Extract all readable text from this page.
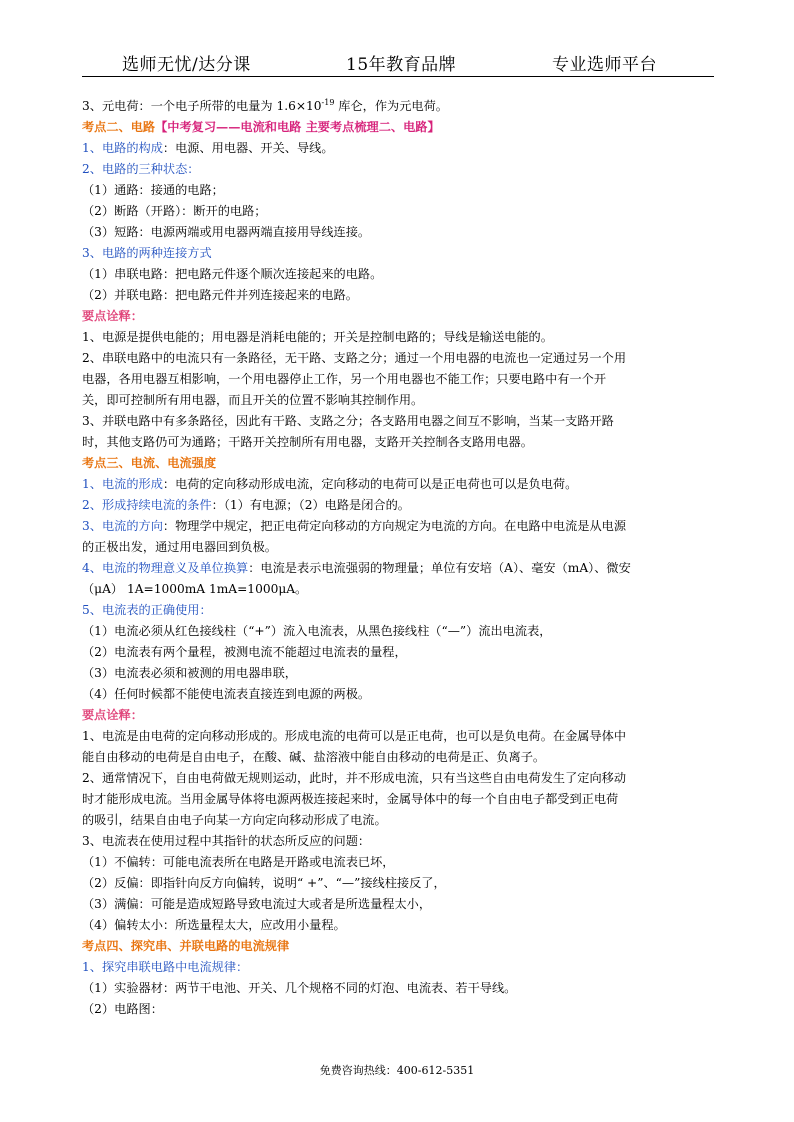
选师无忧/达分课	15年教育品牌	专业选师平台
3、元电荷：一个电子所带的电量为 $1.6\times 10^{-19}$ 库仑，作为元电荷。
考点二、电路【中考复习——电流和电路 主要考点梳理二、电路】
1、电路的构成：电源、用电器、开关、导线。
2、电路的三种状态：
（1）通路：接通的电路；
（2）断路（开路）：断开的电路；
（3）短路：电源两端或用电器两端直接用导线连接。
3、电路的两种连接方式
（1）串联电路：把电路元件逐个顺次连接起来的电路。
（2）并联电路：把电路元件并列连接起来的电路。
要点诠释：
1、电源是提供电能的；用电器是消耗电能的；开关是控制电路的；导线是输送电能的。
2、串联电路中的电流只有一条路径，无干路、支路之分；通过一个用电器的电流也一定通过另一个用
电器，各用电器互相影响，一个用电器停止工作，另一个用电器也不能工作；只要电路中有一个开
关，即可控制所有用电器，而且开关的位置不影响其控制作用。
3、并联电路中有多条路径，因此有干路、支路之分；各支路用电器之间互不影响，当某一支路开路
时，其他支路仍可为通路；干路开关控制所有用电器，支路开关控制各支路用电器。
考点三、电流、电流强度
1、电流的形成：电荷的定向移动形成电流，定向移动的电荷可以是正电荷也可以是负电荷。
2、形成持续电流的条件：（1）有电源；（2）电路是闭合的。
3、电流的方向：物理学中规定，把正电荷定向移动的方向规定为电流的方向。在电路中电流是从电源
的正极出发，通过用电器回到负极。
4、电流的物理意义及单位换算：电流是表示电流强弱的物理量；单位有安培（A）、毫安（mA）、微安
（μA） 1A=1000mA 1mA=1000μA。
5、电流表的正确使用：
（1）电流必须从红色接线柱（“+”）流入电流表，从黑色接线柱（“—”）流出电流表，
（2）电流表有两个量程，被测电流不能超过电流表的量程，
（3）电流表必须和被测的用电器串联，
（4）任何时候都不能使电流表直接连到电源的两极。
要点诠释：
1、电流是由电荷的定向移动形成的。形成电流的电荷可以是正电荷，也可以是负电荷。在金属导体中
能自由移动的电荷是自由电子，在酸、碱、盐溶液中能自由移动的电荷是正、负离子。
2、通常情况下，自由电荷做无规则运动，此时，并不形成电流，只有当这些自由电荷发生了定向移动
时才能形成电流。当用金属导体将电源两极连接起来时，金属导体中的每一个自由电子都受到正电荷
的吸引，结果自由电子向某一方向定向移动形成了电流。
3、电流表在使用过程中其指针的状态所反应的问题：
（1）不偏转：可能电流表所在电路是开路或电流表已坏，
（2）反偏：即指针向反方向偏转，说明“ +”、“—”接线柱接反了，
（3）满偏：可能是造成短路导致电流过大或者是所选量程太小，
（4）偏转太小：所选量程太大，应改用小量程。
考点四、探究串、并联电路的电流规律
1、探究串联电路中电流规律：
（1）实验器材：两节干电池、开关、几个规格不同的灯泡、电流表、若干导线。
（2）电路图：
免费咨询热线：400-612-5351
